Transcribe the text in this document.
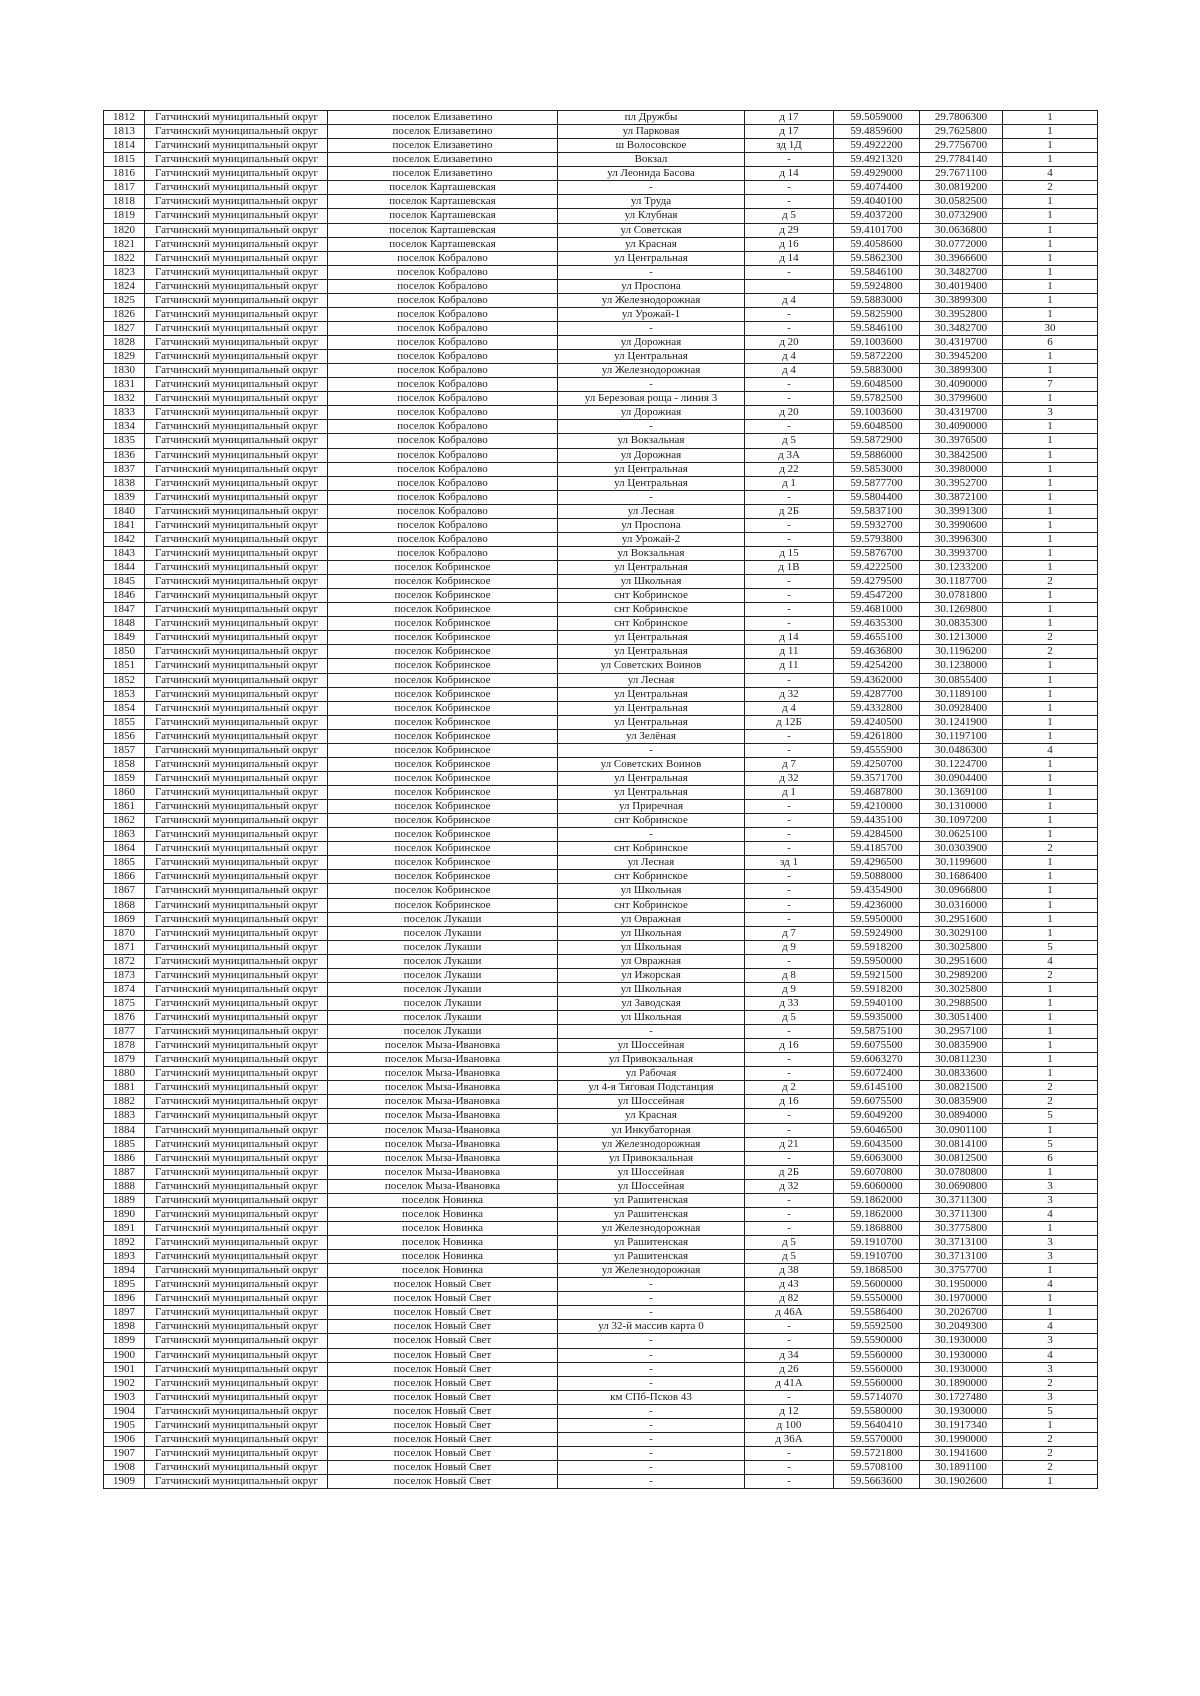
1812	Гатчинский муниципальный округ	поселок Елизаветино	пл Дружбы	д 17	59.5059000	29.7806300	1
1813	Гатчинский муниципальный округ	поселок Елизаветино	ул Парковая	д 17	59.4859600	29.7625800	1
1814	Гатчинский муниципальный округ	поселок Елизаветино	ш Волосовское	зд 1Д	59.4922200	29.7756700	1
1815	Гатчинский муниципальный округ	поселок Елизаветино	Вокзал	-	59.4921320	29.7784140	1
1816	Гатчинский муниципальный округ	поселок Елизаветино	ул Леонида Басова	д 14	59.4929000	29.7671100	4
1817	Гатчинский муниципальный округ	поселок Карташевская	-	-	59.4074400	30.0819200	2
1818	Гатчинский муниципальный округ	поселок Карташевская	ул Труда	-	59.4040100	30.0582500	1
1819	Гатчинский муниципальный округ	поселок Карташевская	ул Клубная	д 5	59.4037200	30.0732900	1
1820	Гатчинский муниципальный округ	поселок Карташевская	ул Советская	д 29	59.4101700	30.0636800	1
1821	Гатчинский муниципальный округ	поселок Карташевская	ул Красная	д 16	59.4058600	30.0772000	1
1822	Гатчинский муниципальный округ	поселок Кобралово	ул Центральная	д 14	59.5862300	30.3966600	1
1823	Гатчинский муниципальный округ	поселок Кобралово	-	-	59.5846100	30.3482700	1
1824	Гатчинский муниципальный округ	поселок Кобралово	ул Проспона		59.5924800	30.4019400	1
1825	Гатчинский муниципальный округ	поселок Кобралово	ул Железнодорожная	д 4	59.5883000	30.3899300	1
1826	Гатчинский муниципальный округ	поселок Кобралово	ул Урожай-1	-	59.5825900	30.3952800	1
1827	Гатчинский муниципальный округ	поселок Кобралово	-	-	59.5846100	30.3482700	30
1828	Гатчинский муниципальный округ	поселок Кобралово	ул Дорожная	д 20	59.1003600	30.4319700	6
1829	Гатчинский муниципальный округ	поселок Кобралово	ул Центральная	д 4	59.5872200	30.3945200	1
1830	Гатчинский муниципальный округ	поселок Кобралово	ул Железнодорожная	д 4	59.5883000	30.3899300	1
1831	Гатчинский муниципальный округ	поселок Кобралово	-	-	59.6048500	30.4090000	7
1832	Гатчинский муниципальный округ	поселок Кобралово	ул Березовая роща - линия 3	-	59.5782500	30.3799600	1
1833	Гатчинский муниципальный округ	поселок Кобралово	ул Дорожная	д 20	59.1003600	30.4319700	3
1834	Гатчинский муниципальный округ	поселок Кобралово	-	-	59.6048500	30.4090000	1
1835	Гатчинский муниципальный округ	поселок Кобралово	ул Вокзальная	д 5	59.5872900	30.3976500	1
1836	Гатчинский муниципальный округ	поселок Кобралово	ул Дорожная	д 3А	59.5886000	30.3842500	1
1837	Гатчинский муниципальный округ	поселок Кобралово	ул Центральная	д 22	59.5853000	30.3980000	1
1838	Гатчинский муниципальный округ	поселок Кобралово	ул Центральная	д 1	59.5877700	30.3952700	1
1839	Гатчинский муниципальный округ	поселок Кобралово	-	-	59.5804400	30.3872100	1
1840	Гатчинский муниципальный округ	поселок Кобралово	ул Лесная	д 2Б	59.5837100	30.3991300	1
1841	Гатчинский муниципальный округ	поселок Кобралово	ул Проспона	-	59.5932700	30.3990600	1
1842	Гатчинский муниципальный округ	поселок Кобралово	ул Урожай-2	-	59.5793800	30.3996300	1
1843	Гатчинский муниципальный округ	поселок Кобралово	ул Вокзальная	д 15	59.5876700	30.3993700	1
1844	Гатчинский муниципальный округ	поселок Кобринское	ул Центральная	д 1В	59.4222500	30.1233200	1
1845	Гатчинский муниципальный округ	поселок Кобринское	ул Школьная	-	59.4279500	30.1187700	2
1846	Гатчинский муниципальный округ	поселок Кобринское	снт Кобринское	-	59.4547200	30.0781800	1
1847	Гатчинский муниципальный округ	поселок Кобринское	снт Кобринское	-	59.4681000	30.1269800	1
1848	Гатчинский муниципальный округ	поселок Кобринское	снт Кобринское	-	59.4635300	30.0835300	1
1849	Гатчинский муниципальный округ	поселок Кобринское	ул Центральная	д 14	59.4655100	30.1213000	2
1850	Гатчинский муниципальный округ	поселок Кобринское	ул Центральная	д 11	59.4636800	30.1196200	2
1851	Гатчинский муниципальный округ	поселок Кобринское	ул Советских Воинов	д 11	59.4254200	30.1238000	1
1852	Гатчинский муниципальный округ	поселок Кобринское	ул Лесная	-	59.4362000	30.0855400	1
1853	Гатчинский муниципальный округ	поселок Кобринское	ул Центральная	д 32	59.4287700	30.1189100	1
1854	Гатчинский муниципальный округ	поселок Кобринское	ул Центральная	д 4	59.4332800	30.0928400	1
1855	Гатчинский муниципальный округ	поселок Кобринское	ул Центральная	д 12Б	59.4240500	30.1241900	1
1856	Гатчинский муниципальный округ	поселок Кобринское	ул Зелёная	-	59.4261800	30.1197100	1
1857	Гатчинский муниципальный округ	поселок Кобринское	-	-	59.4555900	30.0486300	4
1858	Гатчинский муниципальный округ	поселок Кобринское	ул Советских Воинов	д 7	59.4250700	30.1224700	1
1859	Гатчинский муниципальный округ	поселок Кобринское	ул Центральная	д 32	59.3571700	30.0904400	1
1860	Гатчинский муниципальный округ	поселок Кобринское	ул Центральная	д 1	59.4687800	30.1369100	1
1861	Гатчинский муниципальный округ	поселок Кобринское	ул Приречная	-	59.4210000	30.1310000	1
1862	Гатчинский муниципальный округ	поселок Кобринское	снт Кобринское	-	59.4435100	30.1097200	1
1863	Гатчинский муниципальный округ	поселок Кобринское	-	-	59.4284500	30.0625100	1
1864	Гатчинский муниципальный округ	поселок Кобринское	снт Кобринское	-	59.4185700	30.0303900	2
1865	Гатчинский муниципальный округ	поселок Кобринское	ул Лесная	зд 1	59.4296500	30.1199600	1
1866	Гатчинский муниципальный округ	поселок Кобринское	снт Кобринское	-	59.5088000	30.1686400	1
1867	Гатчинский муниципальный округ	поселок Кобринское	ул Школьная	-	59.4354900	30.0966800	1
1868	Гатчинский муниципальный округ	поселок Кобринское	снт Кобринское	-	59.4236000	30.0316000	1
1869	Гатчинский муниципальный округ	поселок Лукаши	ул Овражная	-	59.5950000	30.2951600	1
1870	Гатчинский муниципальный округ	поселок Лукаши	ул Школьная	д 7	59.5924900	30.3029100	1
1871	Гатчинский муниципальный округ	поселок Лукаши	ул Школьная	д 9	59.5918200	30.3025800	5
1872	Гатчинский муниципальный округ	поселок Лукаши	ул Овражная	-	59.5950000	30.2951600	4
1873	Гатчинский муниципальный округ	поселок Лукаши	ул Ижорская	д 8	59.5921500	30.2989200	2
1874	Гатчинский муниципальный округ	поселок Лукаши	ул Школьная	д 9	59.5918200	30.3025800	1
1875	Гатчинский муниципальный округ	поселок Лукаши	ул Заводская	д 33	59.5940100	30.2988500	1
1876	Гатчинский муниципальный округ	поселок Лукаши	ул Школьная	д 5	59.5935000	30.3051400	1
1877	Гатчинский муниципальный округ	поселок Лукаши	-	-	59.5875100	30.2957100	1
1878	Гатчинский муниципальный округ	поселок Мыза-Ивановка	ул Шоссейная	д 16	59.6075500	30.0835900	1
1879	Гатчинский муниципальный округ	поселок Мыза-Ивановка	ул Привокзальная	-	59.6063270	30.0811230	1
1880	Гатчинский муниципальный округ	поселок Мыза-Ивановка	ул Рабочая	-	59.6072400	30.0833600	1
1881	Гатчинский муниципальный округ	поселок Мыза-Ивановка	ул 4-я Тяговая Подстанция	д 2	59.6145100	30.0821500	2
1882	Гатчинский муниципальный округ	поселок Мыза-Ивановка	ул Шоссейная	д 16	59.6075500	30.0835900	2
1883	Гатчинский муниципальный округ	поселок Мыза-Ивановка	ул Красная	-	59.6049200	30.0894000	5
1884	Гатчинский муниципальный округ	поселок Мыза-Ивановка	ул Инкубаторная	-	59.6046500	30.0901100	1
1885	Гатчинский муниципальный округ	поселок Мыза-Ивановка	ул Железнодорожная	д 21	59.6043500	30.0814100	5
1886	Гатчинский муниципальный округ	поселок Мыза-Ивановка	ул Привокзальная	-	59.6063000	30.0812500	6
1887	Гатчинский муниципальный округ	поселок Мыза-Ивановка	ул Шоссейная	д 2Б	59.6070800	30.0780800	1
1888	Гатчинский муниципальный округ	поселок Мыза-Ивановка	ул Шоссейная	д 32	59.6060000	30.0690800	3
1889	Гатчинский муниципальный округ	поселок Новинка	ул Рашитенская	-	59.1862000	30.3711300	3
1890	Гатчинский муниципальный округ	поселок Новинка	ул Рашитенская	-	59.1862000	30.3711300	4
1891	Гатчинский муниципальный округ	поселок Новинка	ул Железнодорожная	-	59.1868800	30.3775800	1
1892	Гатчинский муниципальный округ	поселок Новинка	ул Рашитенская	д 5	59.1910700	30.3713100	3
1893	Гатчинский муниципальный округ	поселок Новинка	ул Рашитенская	д 5	59.1910700	30.3713100	3
1894	Гатчинский муниципальный округ	поселок Новинка	ул Железнодорожная	д 38	59.1868500	30.3757700	1
1895	Гатчинский муниципальный округ	поселок Новый Свет	-	д 43	59.5600000	30.1950000	4
1896	Гатчинский муниципальный округ	поселок Новый Свет	-	д 82	59.5550000	30.1970000	1
1897	Гатчинский муниципальный округ	поселок Новый Свет	-	д 46А	59.5586400	30.2026700	1
1898	Гатчинский муниципальный округ	поселок Новый Свет	ул 32-й массив карта 0	-	59.5592500	30.2049300	4
1899	Гатчинский муниципальный округ	поселок Новый Свет	-	-	59.5590000	30.1930000	3
1900	Гатчинский муниципальный округ	поселок Новый Свет	-	д 34	59.5560000	30.1930000	4
1901	Гатчинский муниципальный округ	поселок Новый Свет	-	д 26	59.5560000	30.1930000	3
1902	Гатчинский муниципальный округ	поселок Новый Свет	-	д 41А	59.5560000	30.1890000	2
1903	Гатчинский муниципальный округ	поселок Новый Свет	км СПб-Псков 43	-	59.5714070	30.1727480	3
1904	Гатчинский муниципальный округ	поселок Новый Свет	-	д 12	59.5580000	30.1930000	5
1905	Гатчинский муниципальный округ	поселок Новый Свет	-	д 100	59.5640410	30.1917340	1
1906	Гатчинский муниципальный округ	поселок Новый Свет	-	д 36А	59.5570000	30.1990000	2
1907	Гатчинский муниципальный округ	поселок Новый Свет	-	-	59.5721800	30.1941600	2
1908	Гатчинский муниципальный округ	поселок Новый Свет	-	-	59.5708100	30.1891100	2
1909	Гатчинский муниципальный округ	поселок Новый Свет	-	-	59.5663600	30.1902600	1
